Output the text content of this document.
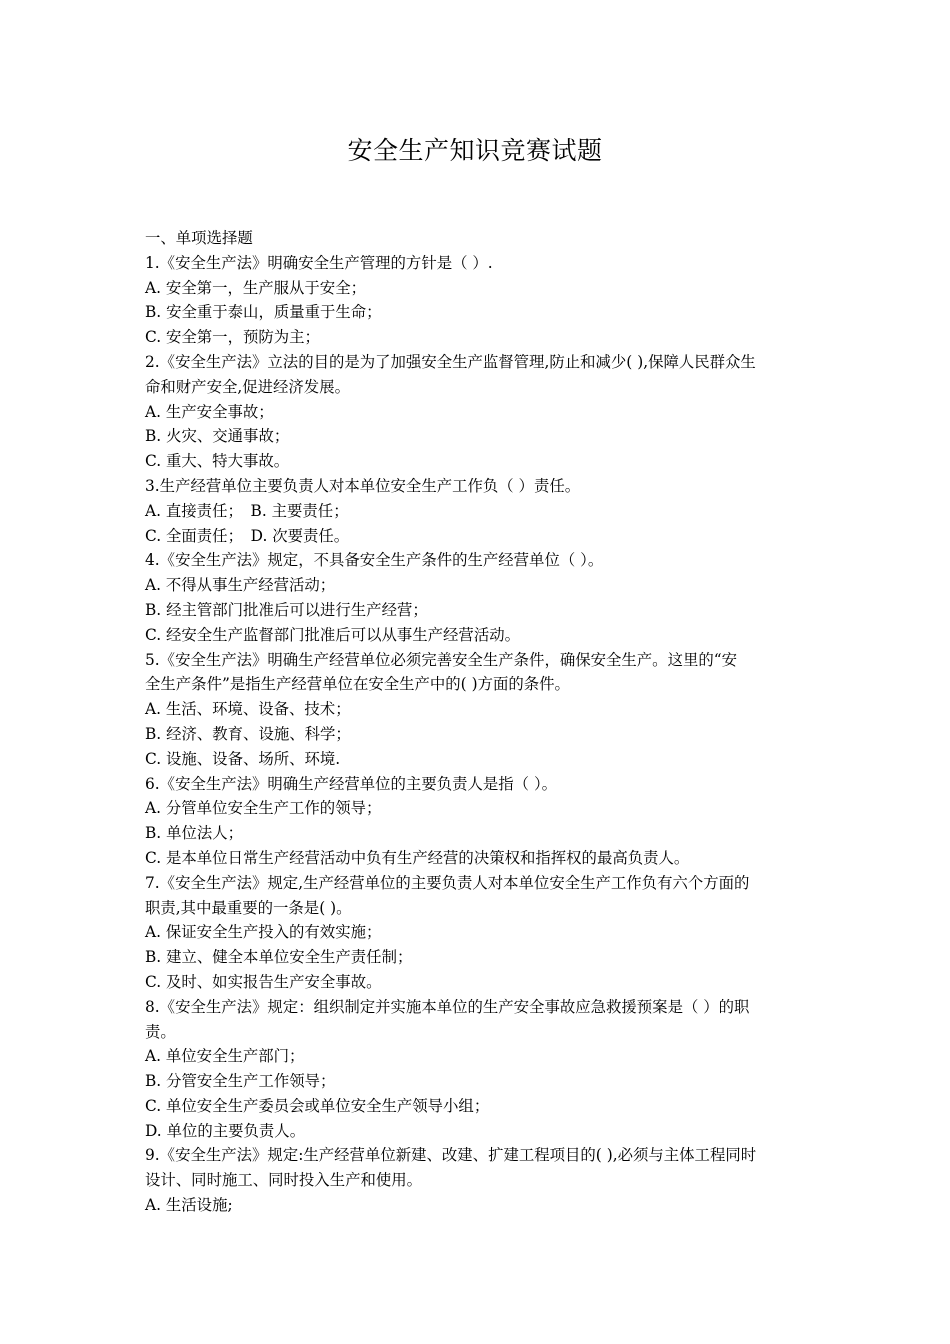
安全生产知识竞赛试题
一、单项选择题
1.《安全生产法》明确安全生产管理的方针是（ ）.
A. 安全第一，生产服从于安全；
B. 安全重于泰山，质量重于生命；
C. 安全第一，预防为主；
2.《安全生产法》立法的目的是为了加强安全生产监督管理,防止和减少( ),保障人民群众生
命和财产安全,促进经济发展。
A. 生产安全事故；
B. 火灾、交通事故；
C. 重大、特大事故。
3.生产经营单位主要负责人对本单位安全生产工作负（ ）责任。
A. 直接责任；　B. 主要责任；
C. 全面责任；　D. 次要责任。
4.《安全生产法》规定，不具备安全生产条件的生产经营单位（ ）。
A. 不得从事生产经营活动；
B. 经主管部门批准后可以进行生产经营；
C. 经安全生产监督部门批准后可以从事生产经营活动。
5.《安全生产法》明确生产经营单位必须完善安全生产条件，确保安全生产。这里的“安
全生产条件”是指生产经营单位在安全生产中的( )方面的条件。
A. 生活、环境、设备、技术；
B. 经济、教育、设施、科学；
C. 设施、设备、场所、环境.
6.《安全生产法》明确生产经营单位的主要负责人是指（ ）。
A. 分管单位安全生产工作的领导；
B. 单位法人；
C. 是本单位日常生产经营活动中负有生产经营的决策权和指挥权的最高负责人。
7.《安全生产法》规定,生产经营单位的主要负责人对本单位安全生产工作负有六个方面的
职责,其中最重要的一条是( )。
A. 保证安全生产投入的有效实施；
B. 建立、健全本单位安全生产责任制；
C. 及时、如实报告生产安全事故。
8.《安全生产法》规定：组织制定并实施本单位的生产安全事故应急救援预案是（ ）的职
责。
A. 单位安全生产部门；
B. 分管安全生产工作领导；
C. 单位安全生产委员会或单位安全生产领导小组；
D. 单位的主要负责人。
9.《安全生产法》规定:生产经营单位新建、改建、扩建工程项目的( ),必须与主体工程同时
设计、同时施工、同时投入生产和使用。
A. 生活设施;
